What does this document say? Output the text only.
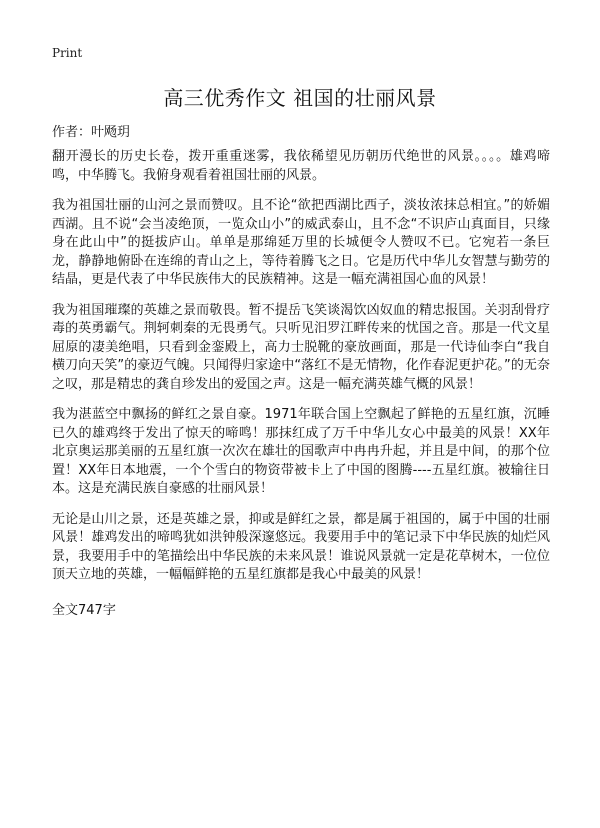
Print
高三优秀作文 祖国的壮丽风景
作者：叶飏玥

翻开漫长的历史长卷，拨开重重迷雾，我依稀望见历朝历代绝世的风景。。。。雄鸡啼鸣，中华腾飞。我俯身观看着祖国壮丽的风景。

我为祖国壮丽的山河之景而赞叹。且不论“欲把西湖比西子，淡妆浓抹总相宜。”的娇媚西湖。且不说“会当凌绝顶，一览众山小”的威武泰山，且不念“不识庐山真面目，只缘身在此山中”的挺拔庐山。单单是那绵延万里的长城便令人赞叹不已。它宛若一条巨龙，静静地俯卧在连绵的青山之上，等待着腾飞之日。它是历代中华儿女智慧与勤劳的结晶，更是代表了中华民族伟大的民族精神。这是一幅充满祖国心血的风景！

我为祖国璀璨的英雄之景而敬畏。暂不提岳飞笑谈渴饮凶奴血的精忠报国。关羽刮骨疗毒的英勇霸气。荆轲刺秦的无畏勇气。只听见汨罗江畔传来的忧国之音。那是一代文星屈原的凄美绝唱，只看到金銮殿上，高力士脱靴的豪放画面，那是一代诗仙李白“我自横刀向天笑”的豪迈气魄。只闻得归家途中“落红不是无情物，化作春泥更护花。”的无奈之叹，那是精忠的龚自珍发出的爱国之声。这是一幅充满英雄气概的风景！

我为湛蓝空中飘扬的鲜红之景自豪。1971年联合国上空飘起了鲜艳的五星红旗，沉睡已久的雄鸡终于发出了惊天的啼鸣！那抹红成了万千中华儿女心中最美的风景！XX年北京奥运那美丽的五星红旗一次次在雄壮的国歌声中冉冉升起，并且是中间，的那个位置！XX年日本地震，一个个雪白的物资带被卡上了中国的图腾----五星红旗。被输往日本。这是充满民族自豪感的壮丽风景！

无论是山川之景，还是英雄之景，抑或是鲜红之景，都是属于祖国的，属于中国的壮丽风景！雄鸡发出的啼鸣犹如洪钟般深邃悠远。我要用手中的笔记录下中华民族的灿烂风景，我要用手中的笔描绘出中华民族的未来风景！谁说风景就一定是花草树木，一位位顶天立地的英雄，一幅幅鲜艳的五星红旗都是我心中最美的风景！

全文747字
